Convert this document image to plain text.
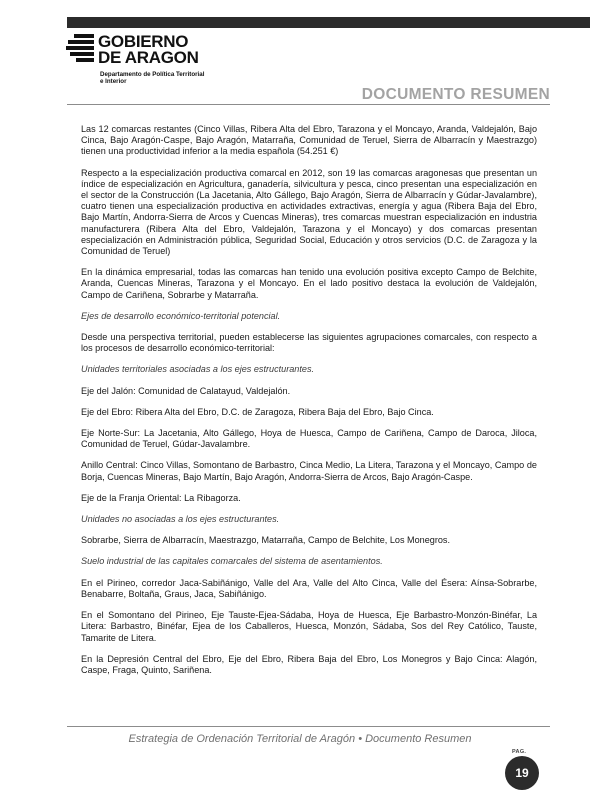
GOBIERNO
DE ARAGON
Departamento de Política Territorial
e Interior
DOCUMENTO RESUMEN

Las 12 comarcas restantes (Cinco Villas, Ribera Alta del Ebro, Tarazona y el Moncayo, Aranda, Valdejalón, Bajo Cinca, Bajo Aragón-Caspe, Bajo Aragón, Matarraña, Comunidad de Teruel, Sierra de Albarracín y Maestrazgo) tienen una productividad inferior a la media española (54.251 €)

Respecto a la especialización productiva comarcal en 2012, son 19 las comarcas aragonesas que presentan un índice de especialización en Agricultura, ganadería, silvicultura y pesca, cinco presentan una especialización en el sector de la Construcción (La Jacetania, Alto Gállego, Bajo Aragón, Sierra de Albarracín y Gúdar-Javalambre), cuatro tienen una especialización productiva en actividades extractivas, energía y agua (Ribera Baja del Ebro, Bajo Martín, Andorra-Sierra de Arcos y Cuencas Mineras), tres comarcas muestran especialización en industria manufacturera (Ribera Alta del Ebro, Valdejalón, Tarazona y el Moncayo) y dos comarcas presentan especialización en Administración pública, Seguridad Social, Educación y otros servicios (D.C. de Zaragoza y la Comunidad de Teruel)

En la dinámica empresarial, todas las comarcas han tenido una evolución positiva excepto Campo de Belchite, Aranda, Cuencas Mineras, Tarazona y el Moncayo. En el lado positivo destaca la evolución de Valdejalón, Campo de Cariñena, Sobrarbe y Matarraña.

Ejes de desarrollo económico-territorial potencial.

Desde una perspectiva territorial, pueden establecerse las siguientes agrupaciones comarcales, con respecto a los procesos de desarrollo económico-territorial:

Unidades territoriales asociadas a los ejes estructurantes.

Eje del Jalón: Comunidad de Calatayud, Valdejalón.

Eje del Ebro: Ribera Alta del Ebro, D.C. de Zaragoza, Ribera Baja del Ebro, Bajo Cinca.

Eje Norte-Sur: La Jacetania, Alto Gállego, Hoya de Huesca, Campo de Cariñena, Campo de Daroca, Jiloca, Comunidad de Teruel, Gúdar-Javalambre.

Anillo Central: Cinco Villas, Somontano de Barbastro, Cinca Medio, La Litera, Tarazona y el Moncayo, Campo de Borja, Cuencas Mineras, Bajo Martín, Bajo Aragón, Andorra-Sierra de Arcos, Bajo Aragón-Caspe.

Eje de la Franja Oriental: La Ribagorza.

Unidades no asociadas a los ejes estructurantes.

Sobrarbe, Sierra de Albarracín, Maestrazgo, Matarraña, Campo de Belchite, Los Monegros.

Suelo industrial de las capitales comarcales del sistema de asentamientos.

En el Pirineo, corredor Jaca-Sabiñánigo, Valle del Ara, Valle del Alto Cinca, Valle del Ésera: Aínsa-Sobrarbe, Benabarre, Boltaña, Graus, Jaca, Sabiñánigo.

En el Somontano del Pirineo, Eje Tauste-Ejea-Sádaba, Hoya de Huesca, Eje Barbastro-Monzón-Binéfar, La Litera: Barbastro, Binéfar, Ejea de los Caballeros, Huesca, Monzón, Sádaba, Sos del Rey Católico, Tauste, Tamarite de Litera.

En la Depresión Central del Ebro, Eje del Ebro, Ribera Baja del Ebro, Los Monegros y Bajo Cinca: Alagón, Caspe, Fraga, Quinto, Sariñena.

Estrategia de Ordenación Territorial de Aragón • Documento Resumen
PAG.
19
